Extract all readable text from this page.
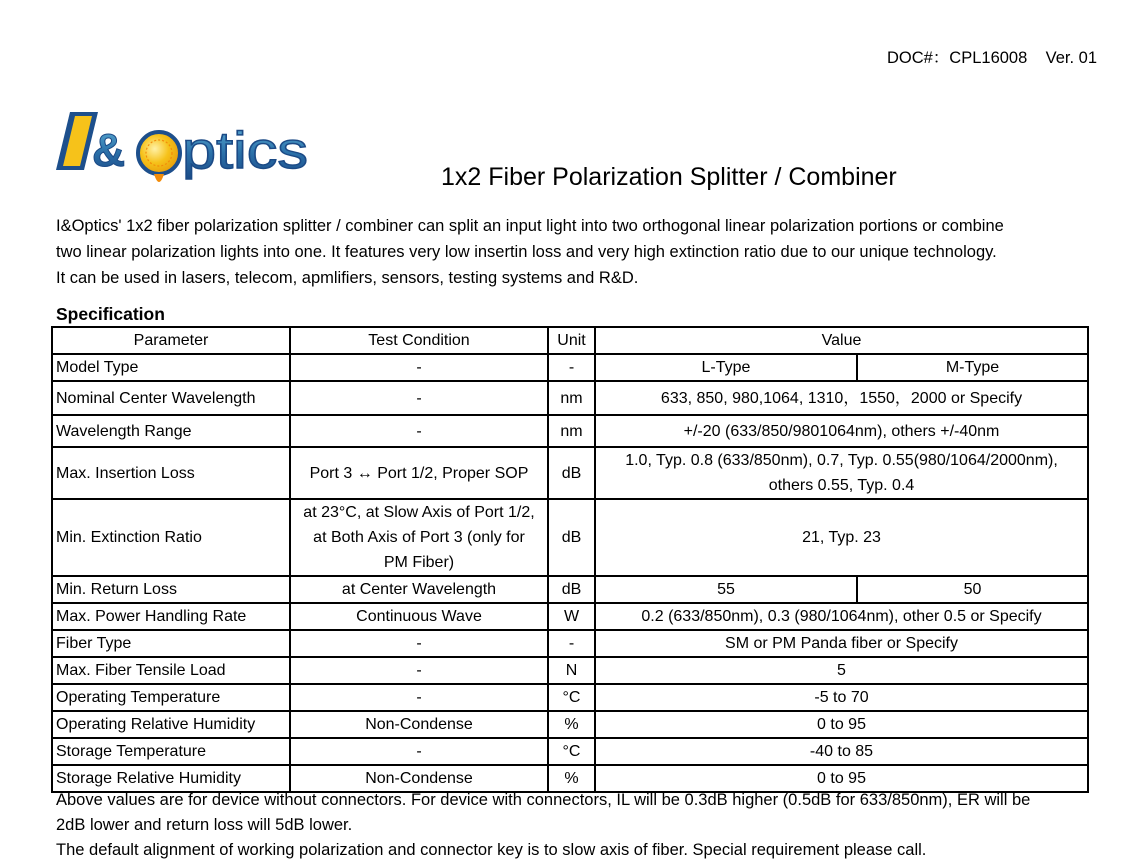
DOC#：CPL16008    Ver. 01
& ptics	1x2 Fiber Polarization Splitter / Combiner
I&Optics' 1x2 fiber polarization splitter / combiner can split an input light into two orthogonal linear polarization portions or combine
two linear polarization lights into one. It features very low insertin loss and very high extinction ratio due to our unique technology.
It can be used in lasers, telecom, apmlifiers, sensors, testing systems and R&D.
Specification
Parameter	Test Condition	Unit	Value	
Model Type	-	-	L-Type	M-Type
Nominal Center Wavelength	-	nm	633, 850, 980,1064, 1310，1550，2000 or Specify	
Wavelength Range	-	nm	+/-20 (633/850/9801064nm), others +/-40nm	
Max. Insertion Loss	Port 3 ↔ Port 1/2, Proper SOP	dB	1.0, Typ. 0.8 (633/850nm), 0.7, Typ. 0.55(980/1064/2000nm),
others 0.55, Typ. 0.4	

Min. Extinction Ratio	at 23°C, at Slow Axis of Port 1/2,
at Both Axis of Port 3 (only for
PM Fiber)	dB	21, Typ. 23	
Min. Return Loss	at Center Wavelength	dB	55	50
Max. Power Handling Rate	Continuous Wave	W	0.2 (633/850nm), 0.3 (980/1064nm), other 0.5 or Specify	
Fiber Type	-	-	SM or PM Panda fiber or Specify	
Max. Fiber Tensile Load	-	N	5	
Operating Temperature	-	°C	-5 to 70	
Operating Relative Humidity	Non-Condense	%	0 to 95	
Storage Temperature	-	°C	-40 to 85	
Storage Relative Humidity	Non-Condense	%	0 to 95	
Above values are for device without connectors. For device with connectors, IL will be 0.3dB higher (0.5dB for 633/850nm), ER will be
2dB lower and return loss will 5dB lower.
The default alignment of working polarization and connector key is to slow axis of fiber. Special requirement please call.
